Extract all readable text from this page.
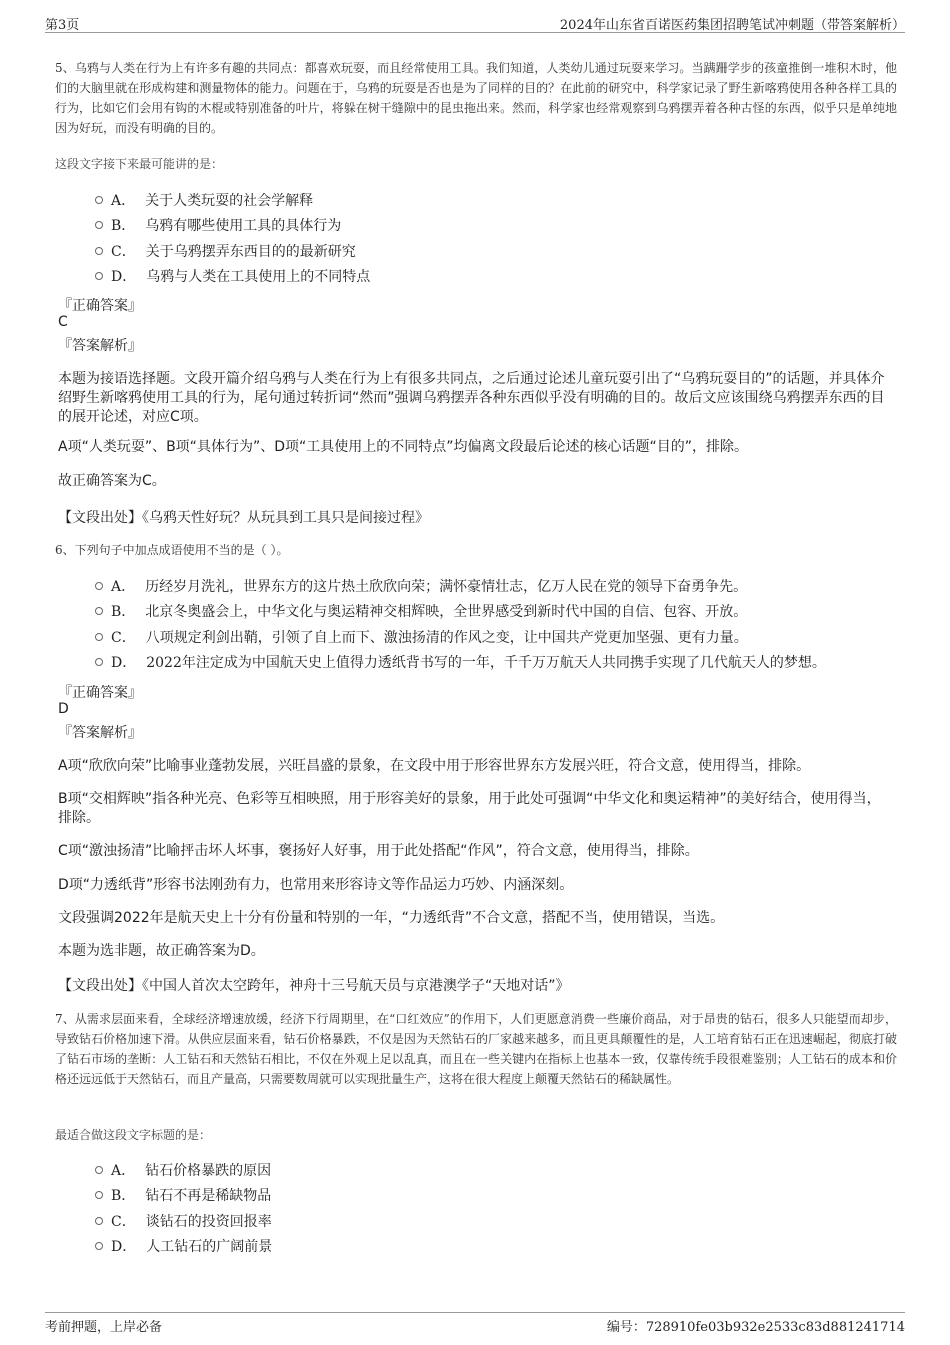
第3页	2024年山东省百诺医药集团招聘笔试冲刺题（带答案解析）
5、乌鸦与人类在行为上有许多有趣的共同点：都喜欢玩耍，而且经常使用工具。我们知道，人类幼儿通过玩耍来学习。当蹒跚学步的孩童推倒一堆积木时，他们的大脑里就在形成构建和测量物体的能力。问题在于，乌鸦的玩耍是否也是为了同样的目的？在此前的研究中，科学家记录了野生新喀鸦使用各种各样工具的行为，比如它们会用有钩的木棍或特别准备的叶片，将躲在树干缝隙中的昆虫拖出来。然而，科学家也经常观察到乌鸦摆弄着各种古怪的东西，似乎只是单纯地因为好玩，而没有明确的目的。
这段文字接下来最可能讲的是：
A． 关于人类玩耍的社会学解释
B． 乌鸦有哪些使用工具的具体行为
C． 关于乌鸦摆弄东西目的的最新研究
D． 乌鸦与人类在工具使用上的不同特点
『正确答案』
C
『答案解析』
本题为接语选择题。文段开篇介绍乌鸦与人类在行为上有很多共同点，之后通过论述儿童玩耍引出了“乌鸦玩耍目的”的话题，并具体介绍野生新喀鸦使用工具的行为，尾句通过转折词“然而”强调乌鸦摆弄各种东西似乎没有明确的目的。故后文应该围绕乌鸦摆弄东西的目的展开论述，对应C项。
A项“人类玩耍”、B项“具体行为”、D项“工具使用上的不同特点”均偏离文段最后论述的核心话题“目的”，排除。
故正确答案为C。
【文段出处】《乌鸦天性好玩？从玩具到工具只是间接过程》
6、下列句子中加点成语使用不当的是（ ）。
A． 历经岁月洗礼，世界东方的这片热土欣欣向荣；满怀豪情壮志，亿万人民在党的领导下奋勇争先。
B． 北京冬奥盛会上，中华文化与奥运精神交相辉映，全世界感受到新时代中国的自信、包容、开放。
C． 八项规定利剑出鞘，引领了自上而下、激浊扬清的作风之变，让中国共产党更加坚强、更有力量。
D． 2022年注定成为中国航天史上值得力透纸背书写的一年，千千万万航天人共同携手实现了几代航天人的梦想。
『正确答案』
D
『答案解析』
A项“欣欣向荣”比喻事业蓬勃发展，兴旺昌盛的景象，在文段中用于形容世界东方发展兴旺，符合文意，使用得当，排除。
B项“交相辉映”指各种光亮、色彩等互相映照，用于形容美好的景象，用于此处可强调“中华文化和奥运精神”的美好结合，使用得当，排除。
C项“激浊扬清”比喻抨击坏人坏事，褒扬好人好事，用于此处搭配“作风”，符合文意，使用得当，排除。
D项“力透纸背”形容书法刚劲有力，也常用来形容诗文等作品运力巧妙、内涵深刻。
文段强调2022年是航天史上十分有份量和特别的一年，“力透纸背”不合文意，搭配不当，使用错误，当选。
本题为选非题，故正确答案为D。
【文段出处】《中国人首次太空跨年，神舟十三号航天员与京港澳学子“天地对话”》
7、从需求层面来看，全球经济增速放缓，经济下行周期里，在“口红效应”的作用下，人们更愿意消费一些廉价商品，对于昂贵的钻石，很多人只能望而却步，导致钻石价格加速下滑。从供应层面来看，钻石价格暴跌，不仅是因为天然钻石的厂家越来越多，而且更具颠覆性的是，人工培育钻石正在迅速崛起，彻底打破了钻石市场的垄断：人工钻石和天然钻石相比，不仅在外观上足以乱真，而且在一些关键内在指标上也基本一致，仅靠传统手段很难鉴别；人工钻石的成本和价格还远远低于天然钻石，而且产量高，只需要数周就可以实现批量生产，这将在很大程度上颠覆天然钻石的稀缺属性。
最适合做这段文字标题的是：
A． 钻石价格暴跌的原因
B． 钻石不再是稀缺物品
C． 谈钻石的投资回报率
D． 人工钻石的广阔前景
考前押题，上岸必备	编号：728910fe03b932e2533c83d881241714
